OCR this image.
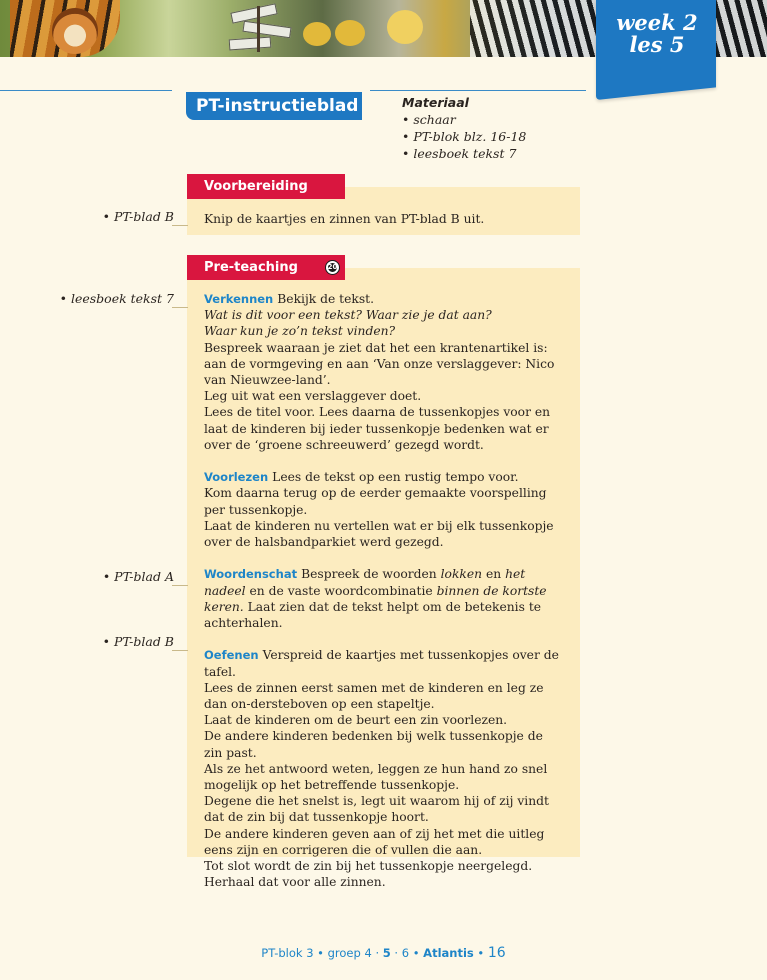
week 2
les 5
PT-instructieblad	Materiaal
• schaar
• PT-blok blz. 16-18
• leesboek tekst 7
Voorbereiding
• PT-blad B Knip de kaartjes en zinnen van PT-blad B uit.

Pre-teaching	20
• leesboek tekst 7
• PT-blad A
• PT-blad B

Verkennen Bekijk de tekst.

Wat is dit voor een tekst? Waar zie je dat aan?

Waar kun je zo’n tekst vinden?

Bespreek waaraan je ziet dat het een krantenartikel is: aan de vormgeving en aan ‘Van onze verslaggever: Nico van Nieuwzee-land’.

Leg uit wat een verslaggever doet.

Lees de titel voor. Lees daarna de tussenkopjes voor en laat de kinderen bij ieder tussenkopje bedenken wat er over de ‘groene schreeuwerd’ gezegd wordt.

Voorlezen Lees de tekst op een rustig tempo voor.

Kom daarna terug op de eerder gemaakte voorspelling per tussenkopje.

Laat de kinderen nu vertellen wat er bij elk tussenkopje over de halsbandparkiet werd gezegd.

Woordenschat Bespreek de woorden lokken en het nadeel en de vaste woordcombinatie binnen de kortste keren. Laat zien dat de tekst helpt om de betekenis te achterhalen.

Oefenen Verspreid de kaartjes met tussenkopjes over de tafel.

Lees de zinnen eerst samen met de kinderen en leg ze dan on-dersteboven op een stapeltje.

Laat de kinderen om de beurt een zin voorlezen.

De andere kinderen bedenken bij welk tussenkopje de zin past.

Als ze het antwoord weten, leggen ze hun hand zo snel mogelijk op het betreffende tussenkopje.

Degene die het snelst is, legt uit waarom hij of zij vindt dat de zin bij dat tussenkopje hoort.

De andere kinderen geven aan of zij het met die uitleg eens zijn en corrigeren die of vullen die aan.

Tot slot wordt de zin bij het tussenkopje neergelegd.

Herhaal dat voor alle zinnen.

PT-blok 3 • groep 4 · 5 · 6 • Atlantis • 16
